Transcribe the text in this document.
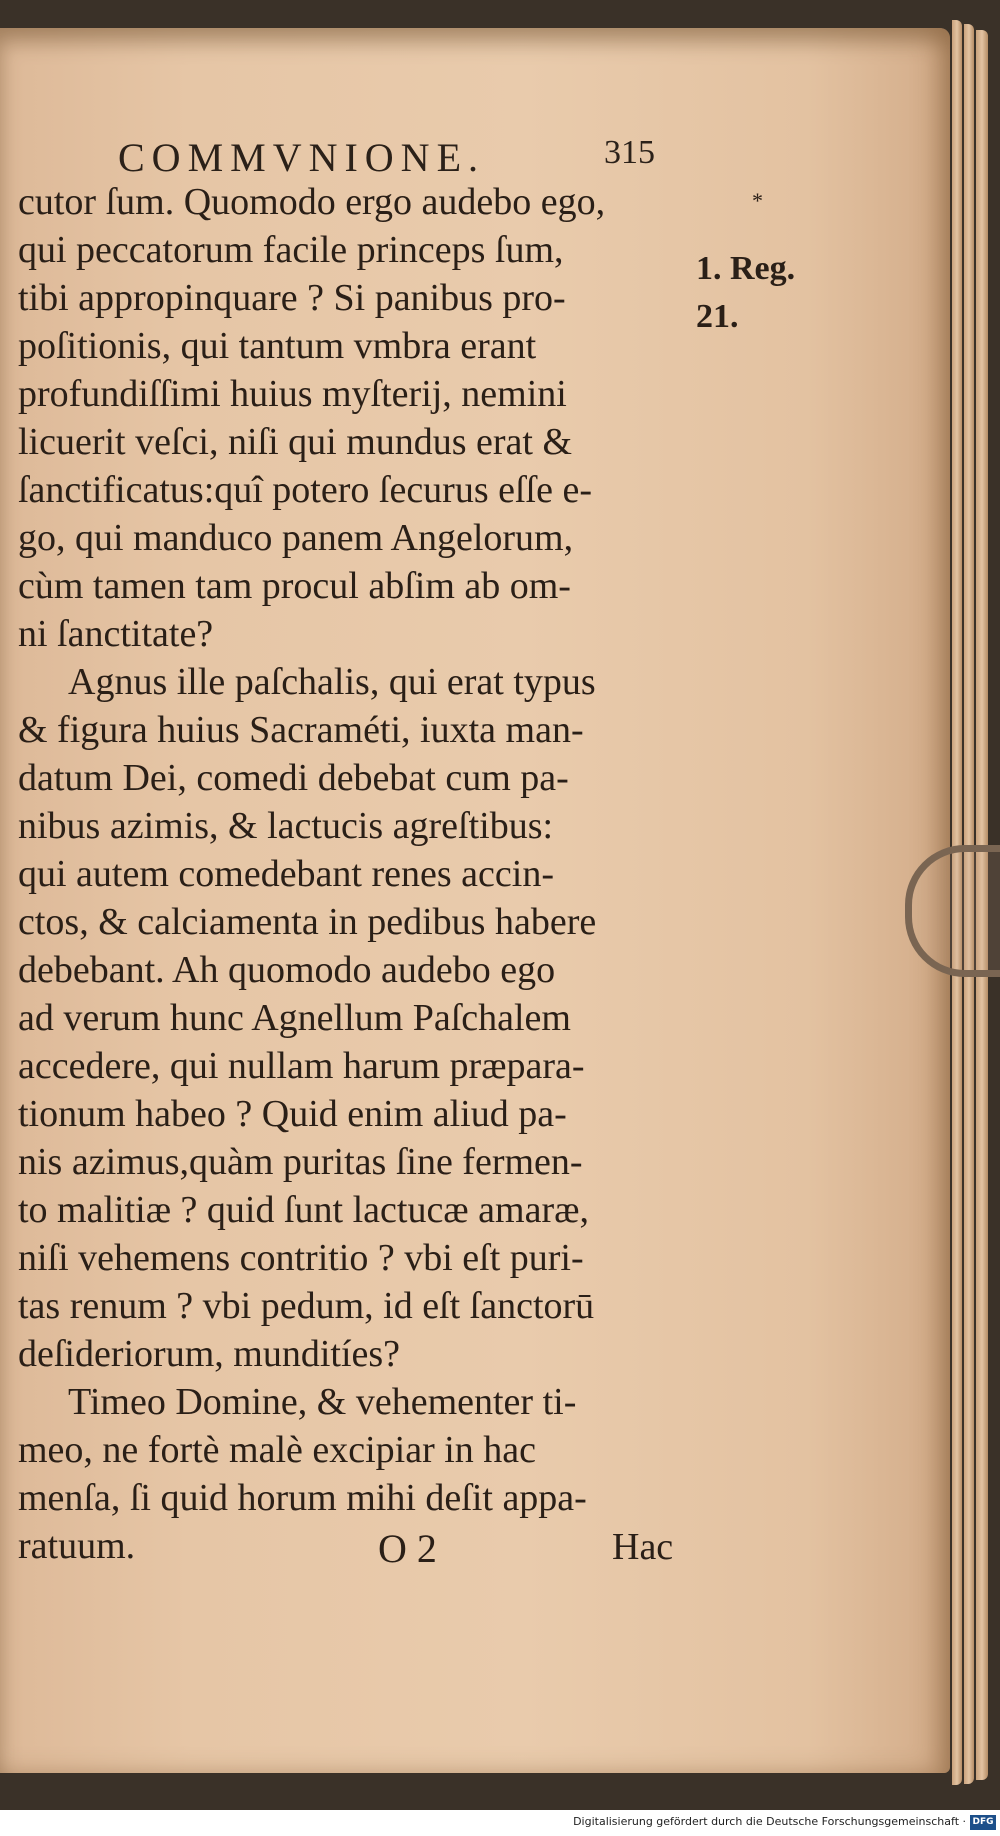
COMMVNIONE.	315
cutor ſum. Quomodo ergo audebo ego,
qui peccatorum facile princeps ſum,
tibi appropinquare ? Si panibus pro-
poſitionis, qui tantum vmbra erant
profundiſſimi huius myſterij, nemini
licuerit veſci, niſi qui mundus erat &
ſanctificatus:quî potero ſecurus eſſe e-
go, qui manduco panem Angelorum,
cùm tamen tam procul abſim ab om-
ni ſanctitate?
Agnus ille paſchalis, qui erat typus
& figura huius Sacraméti, iuxta man-
datum Dei, comedi debebat cum pa-
nibus azimis, & lactucis agreſtibus:
qui autem comedebant renes accin-
ctos, & calciamenta in pedibus habere
debebant. Ah quomodo audebo ego
ad verum hunc Agnellum Paſchalem
accedere, qui nullam harum præpara-
tionum habeo ? Quid enim aliud pa-
nis azimus,quàm puritas ſine fermen-
to malitiæ ? quid ſunt lactucæ amaræ,
niſi vehemens contritio ? vbi eſt puri-
tas renum ? vbi pedum, id eſt ſanctorū
deſideriorum, munditíes?
Timeo Domine, & vehementer ti-
meo, ne fortè malè excipiar in hac
menſa, ſi quid horum mihi deſit appa-
ratuum.
*
1. Reg.
21.
O 2	Hac
Digitalisierung gefördert durch die Deutsche Forschungsgemeinschaft · DFG
